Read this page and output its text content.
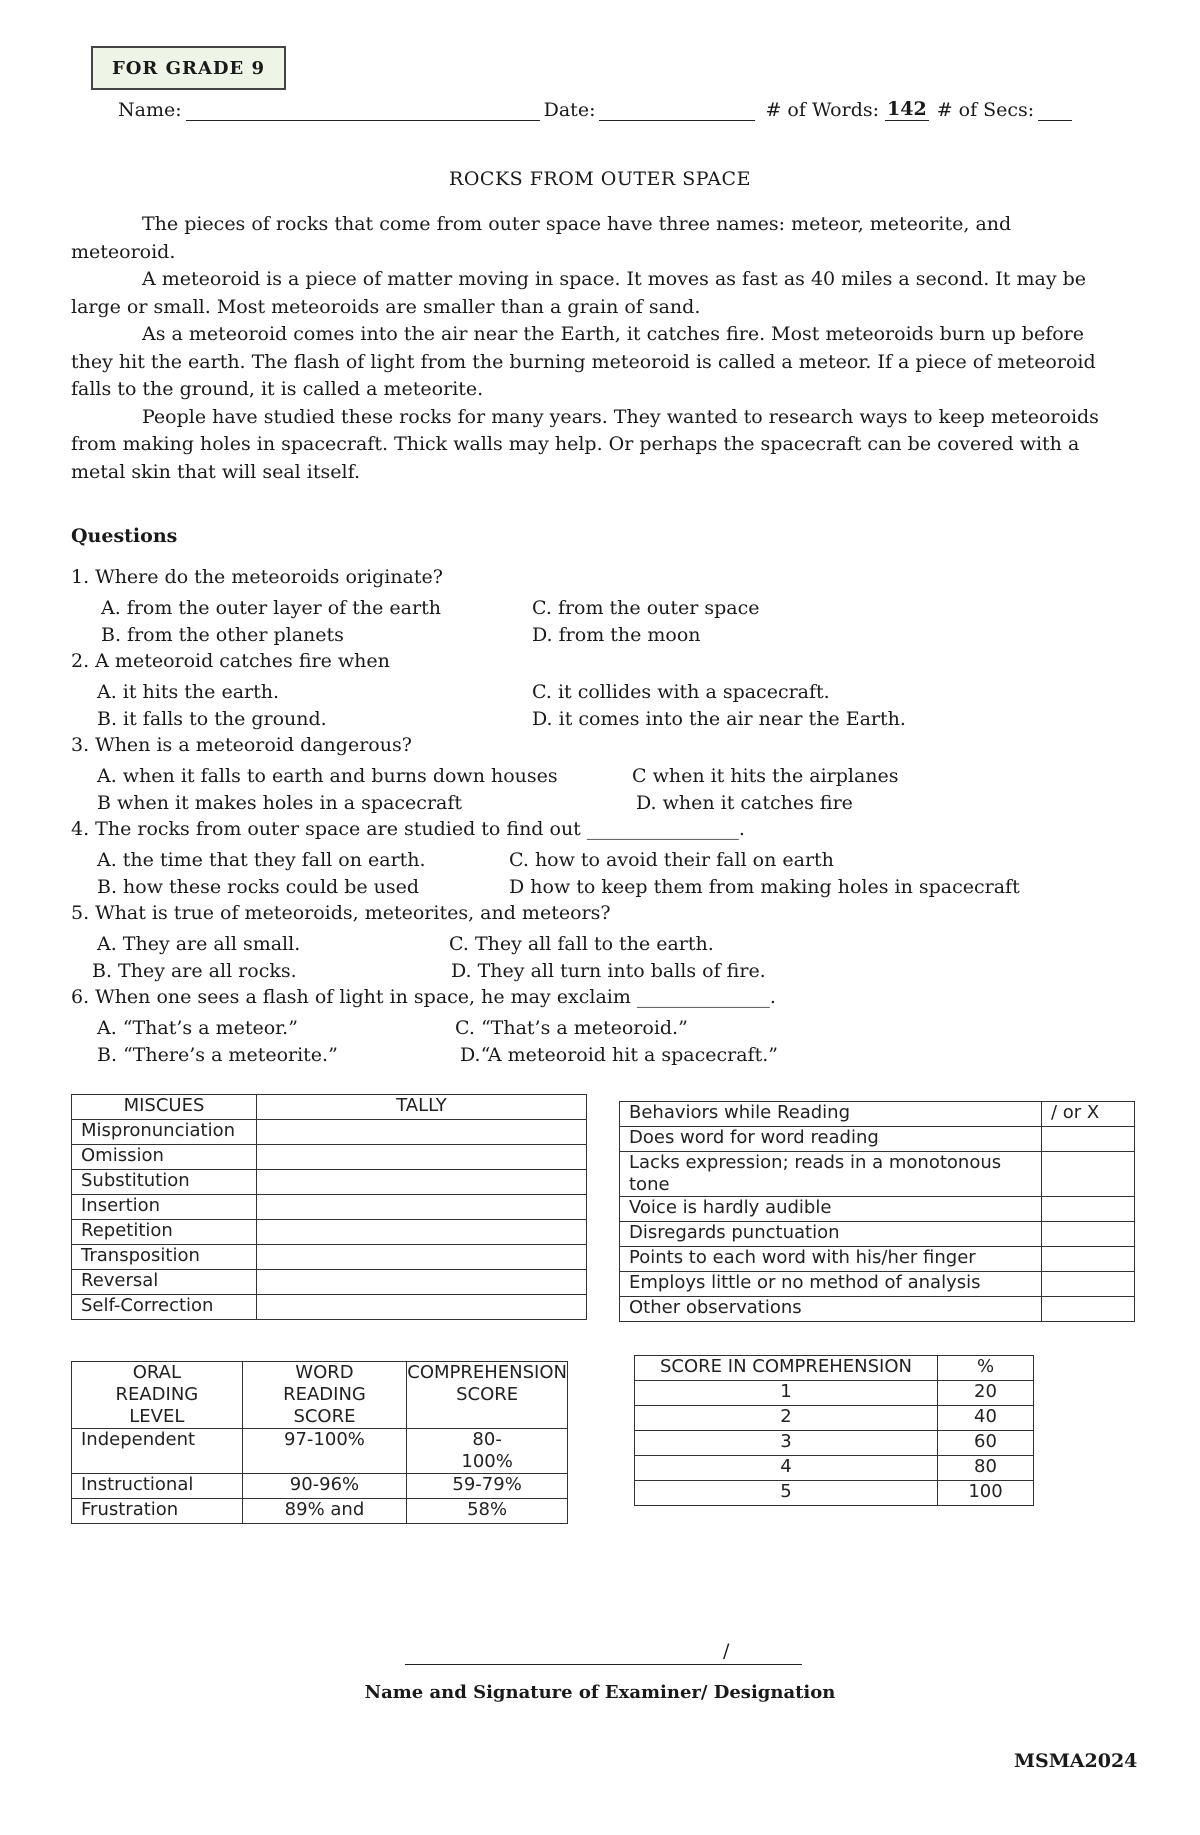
FOR GRADE 9
Name:	Date:	# of Words: 142 # of Secs:
ROCKS FROM OUTER SPACE

The pieces of rocks that come from outer space have three names: meteor, meteorite, and meteoroid.

A meteoroid is a piece of matter moving in space. It moves as fast as 40 miles a second. It may be large or small. Most meteoroids are smaller than a grain of sand.

As a meteoroid comes into the air near the Earth, it catches fire. Most meteoroids burn up before they hit the earth. The flash of light from the burning meteoroid is called a meteor. If a piece of meteoroid falls to the ground, it is called a meteorite.

People have studied these rocks for many years. They wanted to research ways to keep meteoroids from making holes in spacecraft. Thick walls may help. Or perhaps the spacecraft can be covered with a metal skin that will seal itself.

Questions
1. Where do the meteoroids originate?
A. from the outer layer of the earth	C. from the outer space
B. from the other planets	D. from the moon
2. A meteoroid catches fire when
A. it hits the earth.	C. it collides with a spacecraft.
B. it falls to the ground.	D. it comes into the air near the Earth.
3. When is a meteoroid dangerous?
A. when it falls to earth and burns down houses	C when it hits the airplanes
B when it makes holes in a spacecraft	D. when it catches fire
4. The rocks from outer space are studied to find out ________________.
A. the time that they fall on earth.	C. how to avoid their fall on earth
B. how these rocks could be used	D how to keep them from making holes in spacecraft
5. What is true of meteoroids, meteorites, and meteors?
A. They are all small.	C. They all fall to the earth.
B. They are all rocks.	D. They all turn into balls of fire.
6. When one sees a flash of light in space, he may exclaim ______________.
A. “That’s a meteor.”	C. “That’s a meteoroid.”
B. “There’s a meteorite.”	D.“A meteoroid hit a spacecraft.”
MISCUES	TALLY
Mispronunciation	
Omission	
Substitution	
Insertion	
Repetition	
Transposition	
Reversal	
Self-Correction	
Behaviors while Reading	/ or X
Does word for word reading	
Lacks expression; reads in a monotonous tone	
Voice is hardly audible	
Disregards punctuation	
Points to each word with his/her finger	
Employs little or no method of analysis	
Other observations	
ORAL READING LEVEL	WORD READING SCORE	COMPREHENSION SCORE
Independent	97-100%	80-100%
Instructional	90-96%	59-79%
Frustration	89% and	58%
SCORE IN COMPREHENSION	%
1	20
2	40
3	60
4	80
5	100
/
Name and Signature of Examiner/ Designation
MSMA2024
